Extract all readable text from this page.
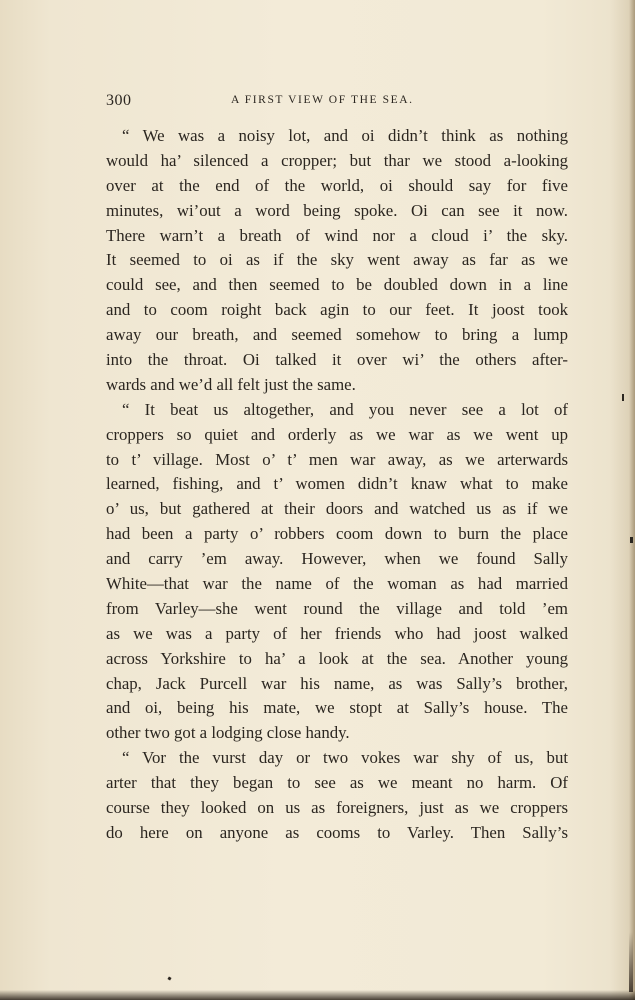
300	A FIRST VIEW OF THE SEA.
“ We was a noisy lot, and oi didn’t think as nothing
would ha’ silenced a cropper; but thar we stood a-looking
over at the end of the world, oi should say for five
minutes, wi’out a word being spoke. Oi can see it now.
There warn’t a breath of wind nor a cloud i’ the sky.
It seemed to oi as if the sky went away as far as we
could see, and then seemed to be doubled down in a line
and to coom roight back agin to our feet. It joost took
away our breath, and seemed somehow to bring a lump
into the throat. Oi talked it over wi’ the others after-
wards and we’d all felt just the same.
“ It beat us altogether, and you never see a lot of
croppers so quiet and orderly as we war as we went up
to t’ village. Most o’ t’ men war away, as we arterwards
learned, fishing, and t’ women didn’t knaw what to make
o’ us, but gathered at their doors and watched us as if we
had been a party o’ robbers coom down to burn the place
and carry ’em away. However, when we found Sally
White—that war the name of the woman as had married
from Varley—she went round the village and told ’em
as we was a party of her friends who had joost walked
across Yorkshire to ha’ a look at the sea. Another young
chap, Jack Purcell war his name, as was Sally’s brother,
and oi, being his mate, we stopt at Sally’s house. The
other two got a lodging close handy.
“ Vor the vurst day or two vokes war shy of us, but
arter that they began to see as we meant no harm. Of
course they looked on us as foreigners, just as we croppers
do here on anyone as cooms to Varley. Then Sally’s
